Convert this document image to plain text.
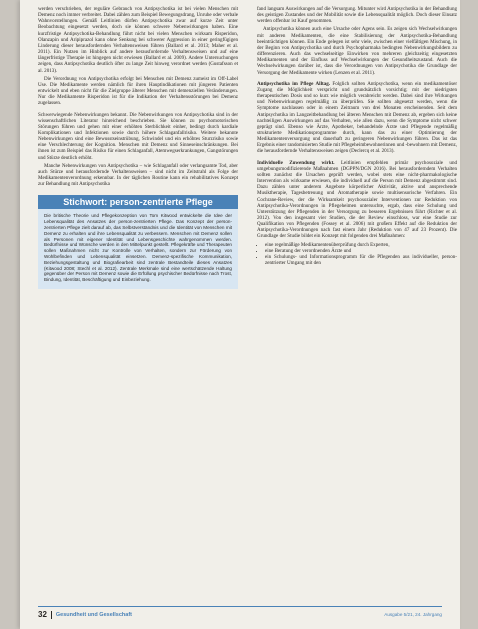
werden verschrieben, der reguläre Gebrauch von Antipsychotika ist bei vielen Menschen mit Demenz noch immer verbreitet. Dabei zählen zum Beispiel Bewegungsdrang, Unruhe oder verbale Wahnvorstellungen. Gemäß Leitlinien dürfen Antipsychotika zwar auf kurze Zeit unter Beobachtung eingesetzt werden, doch sie können schwere Nebenwirkungen haben. Eine kurzfristige Antipsychotika-Behandlung führt nicht bei vielen Menschen wirksam Risperidon, Olanzapin und Aripiprazol kann ohne Senkung bei schwerer Aggression in einer geringfügigen Linderung dieser herausfordernden Verhaltensweisen führen (Ballard et al. 2013; Maher et al. 2011). Ein Nutzen im Hinblick auf andere herausfordernde Verhaltensweisen und auf eine längerfristige Therapie ist hingegen nicht erwiesen (Ballard et al. 2009). Andere Untersuchungen zeigen, dass Antipsychotika deutlich öfter zu lange Zeit hinweg verordnet werden (Gustafsson et al. 2013).

Die Verordnung von Antipsychotika erfolgt bei Menschen mit Demenz zumeist im Off-Label Use. Die Medikamente werden nämlich für ihren Hauptindikationen mit jüngeren Patienten entwickelt und eben nicht für die Zielgruppe älterer Menschen mit demenziellen Veränderungen. Nur die Medikamente Risperidon ist für die Indikation der Verhaltensstörungen bei Demenz zugelassen.

Schwerwiegende Nebenwirkungen bekannt. Die Nebenwirkungen von Antipsychotika sind in der wissenschaftlichen Literatur hinreichend beschrieben. Sie können zu psychomotorischen Störungen führen und gehen mit einer erhöhten Sterblichkeit einher, bedingt durch kardiale Komplikationen und Infektionen sowie durch höhere Schlaganfallrisiko. Weitere bekannte Nebenwirkungen sind eine Bewusstseinstrübung, Schwindel und ein erhöhtes Sturzrisiko sowie eine Verschlechterung der Kognition. Menschen mit Demenz und Sinneseinschränkungen. Bei ihnen ist zum Beispiel das Risiko für einen Schlaganfall, Atemwegserkrankungen, Gangstörungen und Stürze deutlich erhöht.

Manche Nebenwirkungen von Antipsychotika – wie Schlaganfall oder verlangsamte Tod, aber auch Stürze und herausfordernde Verhaltensweisen – sind nicht im Zeitstrahl als Folge der Medikamentenverordnung erkennbar. In der täglichen Routine kann ein rehabilitatives Konzept zur Behandlung mit Antipsychotika

Stichwort: person-zentrierte Pflege

Die britische Theorie und Pflegekonzeption von Tom Kitwood entwickelte die Idee der Lebensqualität des Ansatzes der person-zentrierten Pflege. Das Konzept der person-zentrierten Pflege zielt darauf ab, das Selbstverständnis und die Identität von Menschen mit Demenz zu erhalten und ihre Lebensqualität zu verbessern. Menschen mit Demenz sollen als Personen mit eigener Identität und Lebensgeschichte wahrgenommen werden. Bedürfnisse und Wünsche werden in den Mittelpunkt gestellt. Pflegekräfte und Therapeuten sollen Maßnahmen nicht zur Kontrolle von Verhalten, sondern zur Förderung von Wohlbefinden und Lebensqualität einsetzen. Demenz-spezifische Kommunikation, Beziehungsgestaltung und Biografiearbeit sind zentrale Bestandteile dieses Ansatzes (Kitwood 2008; Stechl et al. 2012). Zentrale Merkmale sind eine wertschätzende Haltung gegenüber der Person mit Demenz sowie die Erfüllung psychischer Bedürfnisse nach Trost, Bindung, Identität, Beschäftigung und Einbeziehung.

fand langsam Auswirkungen auf die Versorgung. Mitunter wird Antipsychotika in der Behandlung des geistigen Zustandes und der Mobilität sowie die Lebensqualität möglich. Doch dieser Einsatz werden offenbar ist Kauf genommen.

Antipsychotika können auch eine Ursache oder Agens sein. Es zeigen sich Wechselwirkungen mit anderen Medikamenten, die eine Stabilisierung der Antipsychotika-Behandlung beeinträchtigen können. Ein Ende gelegen ist sehr viele, zwischen einer vielfältigen Mischung, in der Beginn von Antipsychotika und durch Psychopharmaka bedingten Nebenwirkungsbildern zu differenzieren. Auch das wechselseitige Einwirken von mehreren gleichzeitig eingesetzten Medikamenten und der Einfluss auf Wechselwirkungen der Gesundheitszustand. Auch die Wechselwirkungen darüber ist, dass die Verordnungen von Antipsychotika die Grundlage der Versorgung der Medikamente wirken (Lenzen et al. 2011).

Antipsychotika im Pflege Alltag. Folglich sollten Antipsychotika, wenn ein medikamentöser Zugang die Möglichkeit verspricht und grundsätzlich vorsichtig; mit der niedrigsten therapeutischen Dosis und so kurz wie möglich verabreicht werden. Dabei sind ihre Wirkungen und Nebenwirkungen regelmäßig zu überprüfen. Sie sollten abgesetzt werden, wenn die Symptome nachlassen oder in einem Zeitraum von drei Monaten erscheinenden. Seit dem Antipsychotika im Langzeitbehandlung bei älteren Menschen mit Demenz ab, ergeben sich keine nachteiligen Auswirkungen auf das Verhalten, wie allen dazu, wenn die Symptome nicht schwer geprägt sind. Ebenso wie Ärzte, Apotheker, behandelnde Ärzte und Pflegende regelmäßig strukturierte Medikationsprogramme durch, kann das zu einer Optimierung der Medikamentenversorgung und dauerhaft zu geringeren Nebenwirkungen führen. Das ist das Ergebnis einer randomisierten Studie mit Pflegeheimbewohnerinnen und -bewohnern mit Demenz, die herausfordernde Verhaltensweisen zeigen (Declercq et al. 2013).

Individuelle Zuwendung wirkt. Leitlinien empfehlen primär psychosoziale und umgebungsmodifizierende Maßnahmen (DGPPN/DGN 2016). Bei herausforderndem Verhalten sollten zunächst die Ursachen geprüft werden, wobei stets eine nicht-pharmakologische Intervention als wirksame erwiesen, die individuell auf die Person mit Demenz abgestimmt sind. Dazu zählen unter anderem Angebote körperlicher Aktivität, aktive und ansprechende Musiktherapie, Tagesbetreuung und Aromatherapie sowie multisensorische Verfahren. Ein Cochrane-Review, der die Wirksamkeit psychosozialer Interventionen zur Reduktion von Antipsychotika-Verordnungen in Pflegeheimen untersuchte, ergab, dass eine Schulung und Unterstützung der Pflegenden in der Versorgung zu besseren Ergebnissen führt (Richter et al. 2012). Von den insgesamt vier Studien, die der Review einschloss, war eine Studie zur Qualifikation von Pflegenden (Fossey et al. 2006) mit großem Effekt auf die Reduktion der Antipsychotika-Verordnungen nach fast einem Jahr (Reduktion von 47 auf 23 Prozent). Die Grundlage der Studie bildet ein Konzept mit folgenden drei Maßnahmen:

• eine regelmäßige Medikamentenüberprüfung durch Experten,
• eine Beratung der verordnenden Ärzte und
• ein Schulungs- und Informationsprogramm für die Pflegenden aus individueller, person-zentrierter Umgang mit den
32 Gesundheit und Gesellschaft	Ausgabe 5/21, 24. Jahrgang
